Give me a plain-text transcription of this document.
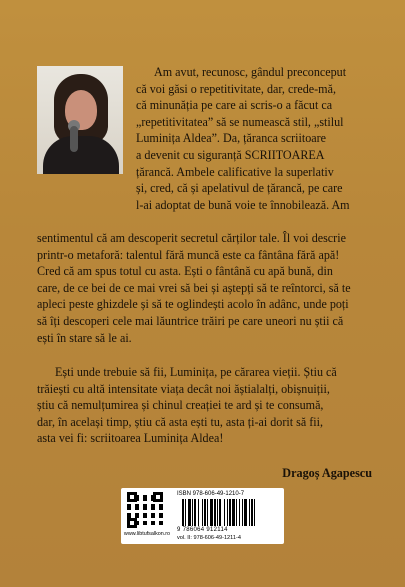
Am avut, recunosc, gândul preconceput
că voi găsi o repetitivitate, dar, crede-mă,
că minunăția pe care ai scris-o a făcut ca
„repetitivitatea” să se numească stil, „stilul
Luminița Aldea”. Da, țăranca scriitoare
a devenit cu siguranță SCRIITOAREA
țărancă. Ambele calificative la superlativ
și, cred, că și apelativul de țărancă, pe care
l-ai adoptat de bună voie te înnobilează. Am

sentimentul că am descoperit secretul cărților tale. Îl voi descrie
printr-o metaforă: talentul fără muncă este ca fântâna fără apă!
Cred că am spus totul cu asta. Ești o fântână cu apă bună, din
care, de ce bei de ce mai vrei să bei și aștepți să te reîntorci, să te
apleci peste ghizdele și să te oglindești acolo în adânc, unde poți
să îți descoperi cele mai lăuntrice trăiri pe care uneori nu știi că
ești în stare să le ai.

Ești unde trebuie să fii, Luminița, pe cărarea vieții. Știu că
trăiești cu altă intensitate viața decât noi ăștialalți, obișnuiții,
știu că nemulțumirea și chinul creației te ard și te consumă,
dar, în același timp, știu că asta ești tu, asta ți-ai dorit să fii,
asta vei fi: scriitoarea Luminița Aldea!

Dragoș Agapescu
www.libtufsalkon.ro
ISBN 978-606-49-1210-7
9 786064 912114
vol. II: 978-606-49-1211-4
